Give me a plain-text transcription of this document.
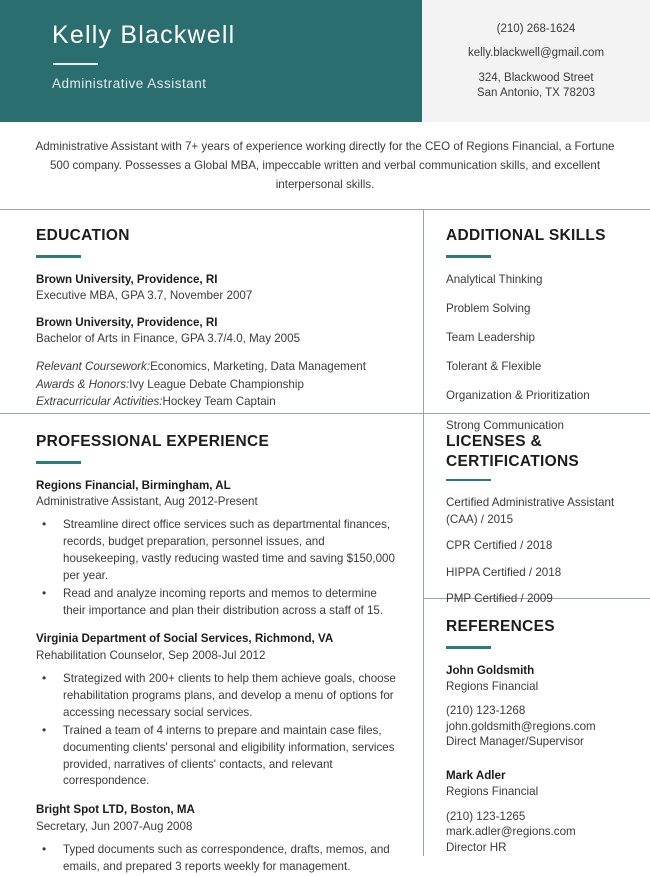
Kelly Blackwell
Administrative Assistant
(210) 268-1624
kelly.blackwell@gmail.com
324, Blackwood Street
San Antonio, TX 78203
Administrative Assistant with 7+ years of experience working directly for the CEO of Regions Financial, a Fortune 500 company. Possesses a Global MBA, impeccable written and verbal communication skills, and excellent interpersonal skills.
EDUCATION
Brown University, Providence, RI
Executive MBA, GPA 3.7, November 2007
Brown University, Providence, RI
Bachelor of Arts in Finance, GPA 3.7/4.0, May 2005
Relevant Coursework:Economics, Marketing, Data Management
Awards & Honors:Ivy League Debate Championship
Extracurricular Activities:Hockey Team Captain
PROFESSIONAL EXPERIENCE
Regions Financial, Birmingham, AL
Administrative Assistant, Aug 2012-Present
• Streamline direct office services such as departmental finances, records, budget preparation, personnel issues, and housekeeping, vastly reducing wasted time and saving $150,000 per year.
• Read and analyze incoming reports and memos to determine their importance and plan their distribution across a staff of 15.
Virginia Department of Social Services, Richmond, VA
Rehabilitation Counselor, Sep 2008-Jul 2012
• Strategized with 200+ clients to help them achieve goals, choose rehabilitation programs plans, and develop a menu of options for accessing necessary social services.
• Trained a team of 4 interns to prepare and maintain case files, documenting clients' personal and eligibility information, services provided, narratives of clients' contacts, and relevant correspondence.
Bright Spot LTD, Boston, MA
Secretary, Jun 2007-Aug 2008
• Typed documents such as correspondence, drafts, memos, and emails, and prepared 3 reports weekly for management.
ADDITIONAL SKILLS
Analytical Thinking
Problem Solving
Team Leadership
Tolerant & Flexible
Organization & Prioritization
Strong Communication
LICENSES &
CERTIFICATIONS
Certified Administrative Assistant (CAA) / 2015
CPR Certified / 2018
HIPPA Certified / 2018
PMP Certified / 2009
REFERENCES
John Goldsmith
Regions Financial
(210) 123-1268
john.goldsmith@regions.com
Direct Manager/Supervisor
Mark Adler
Regions Financial
(210) 123-1265
mark.adler@regions.com
Director HR
